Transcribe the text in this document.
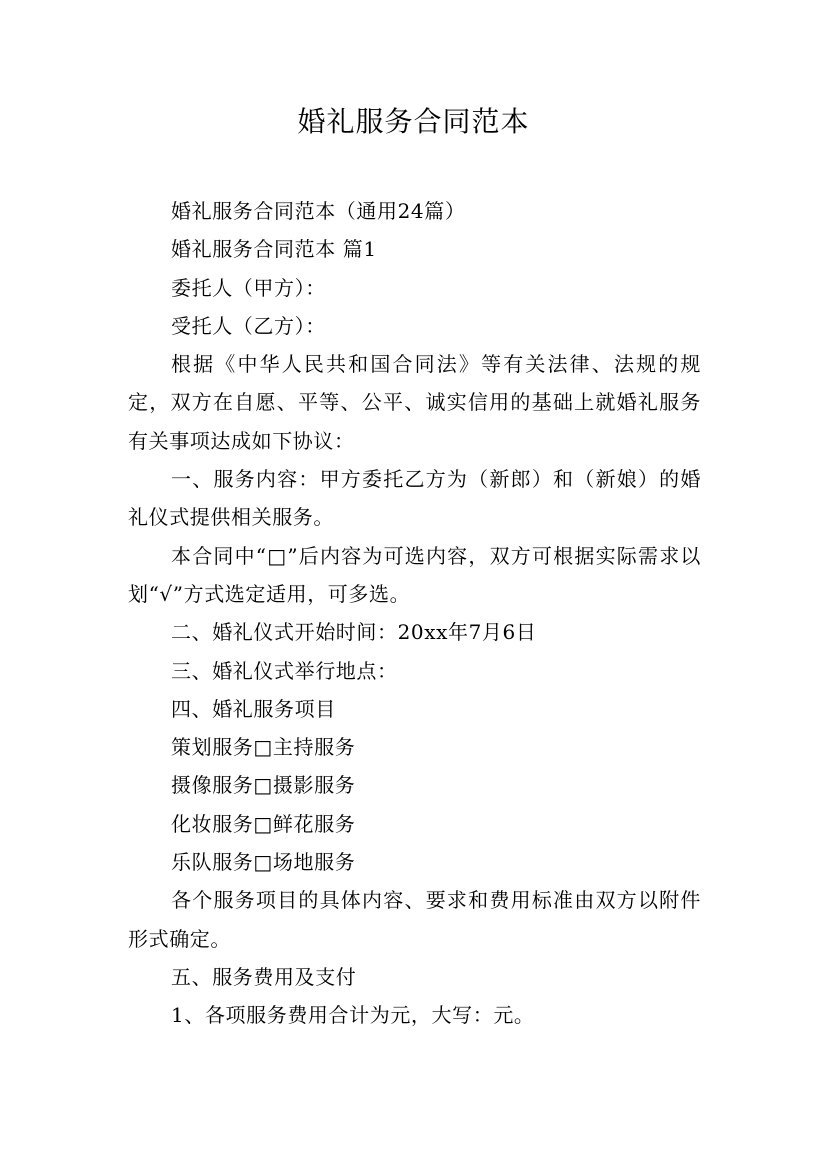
婚礼服务合同范本

婚礼服务合同范本（通用24篇）

婚礼服务合同范本 篇1

委托人（甲方）：

受托人（乙方）：

根据《中华人民共和国合同法》等有关法律、法规的规定，双方在自愿、平等、公平、诚实信用的基础上就婚礼服务有关事项达成如下协议：

一、服务内容：甲方委托乙方为（新郎）和（新娘）的婚礼仪式提供相关服务。

本合同中“□”后内容为可选内容，双方可根据实际需求以划“√”方式选定适用，可多选。

二、婚礼仪式开始时间：20xx年7月6日

三、婚礼仪式举行地点：

四、婚礼服务项目

策划服务□主持服务

摄像服务□摄影服务

化妆服务□鲜花服务

乐队服务□场地服务

各个服务项目的具体内容、要求和费用标准由双方以附件形式确定。

五、服务费用及支付

1、各项服务费用合计为元，大写：元。
